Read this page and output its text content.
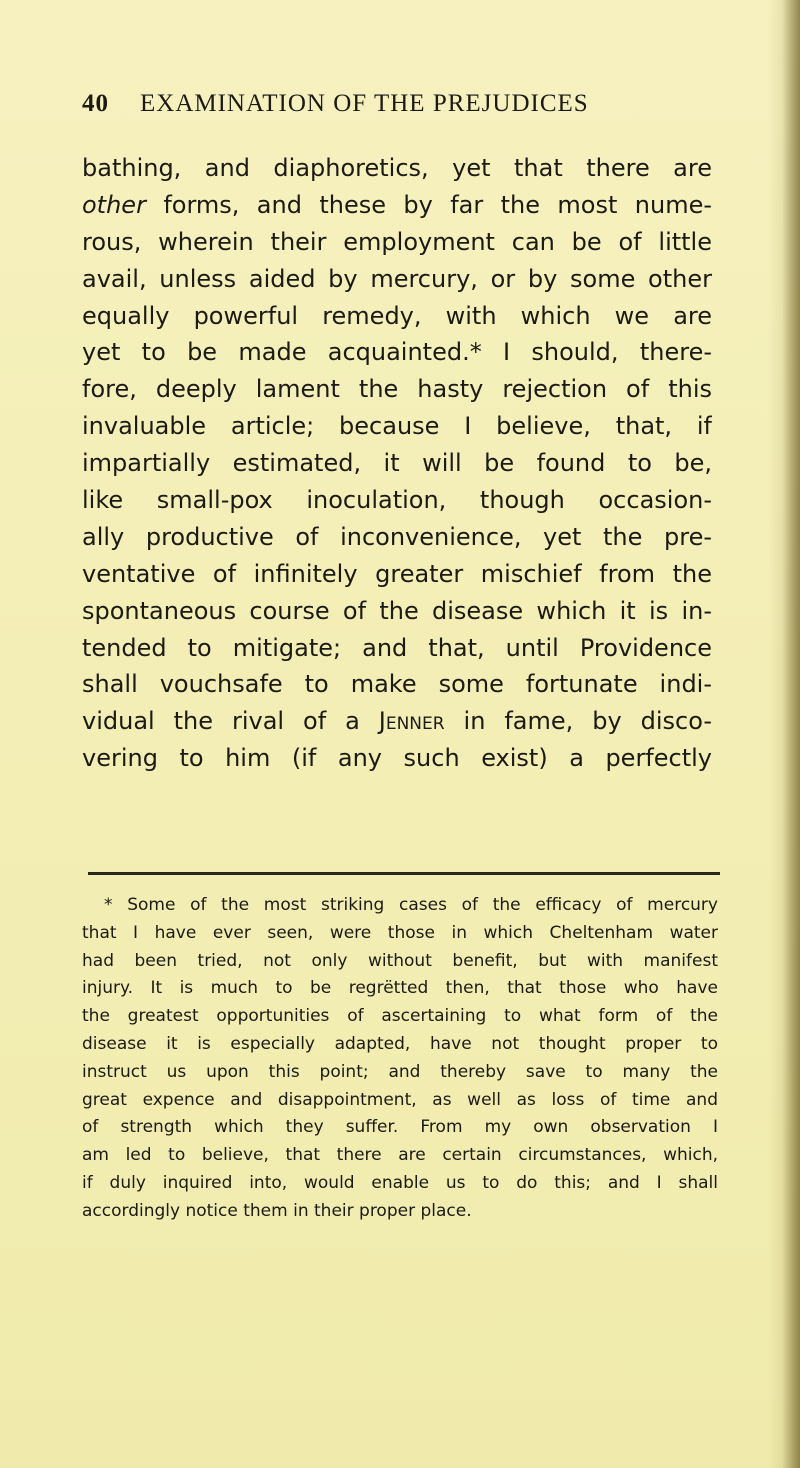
40 EXAMINATION OF THE PREJUDICES
bathing, and diaphoretics, yet that there are
other forms, and these by far the most nume-
rous, wherein their employment can be of little
avail, unless aided by mercury, or by some other
equally powerful remedy, with which we are
yet to be made acquainted.* I should, there-
fore, deeply lament the hasty rejection of this
invaluable article; because I believe, that, if
impartially estimated, it will be found to be,
like small-pox inoculation, though occasion-
ally productive of inconvenience, yet the pre-
ventative of infinitely greater mischief from the
spontaneous course of the disease which it is in-
tended to mitigate; and that, until Providence
shall vouchsafe to make some fortunate indi-
vidual the rival of a Jenner in fame, by disco-
vering to him (if any such exist) a perfectly
* Some of the most striking cases of the efficacy of mercury
that I have ever seen, were those in which Cheltenham water
had been tried, not only without benefit, but with manifest
injury. It is much to be regrëtted then, that those who have
the greatest opportunities of ascertaining to what form of the
disease it is especially adapted, have not thought proper to
instruct us upon this point; and thereby save to many the
great expence and disappointment, as well as loss of time and
of strength which they suffer. From my own observation I
am led to believe, that there are certain circumstances, which,
if duly inquired into, would enable us to do this; and I shall
accordingly notice them in their proper place.
